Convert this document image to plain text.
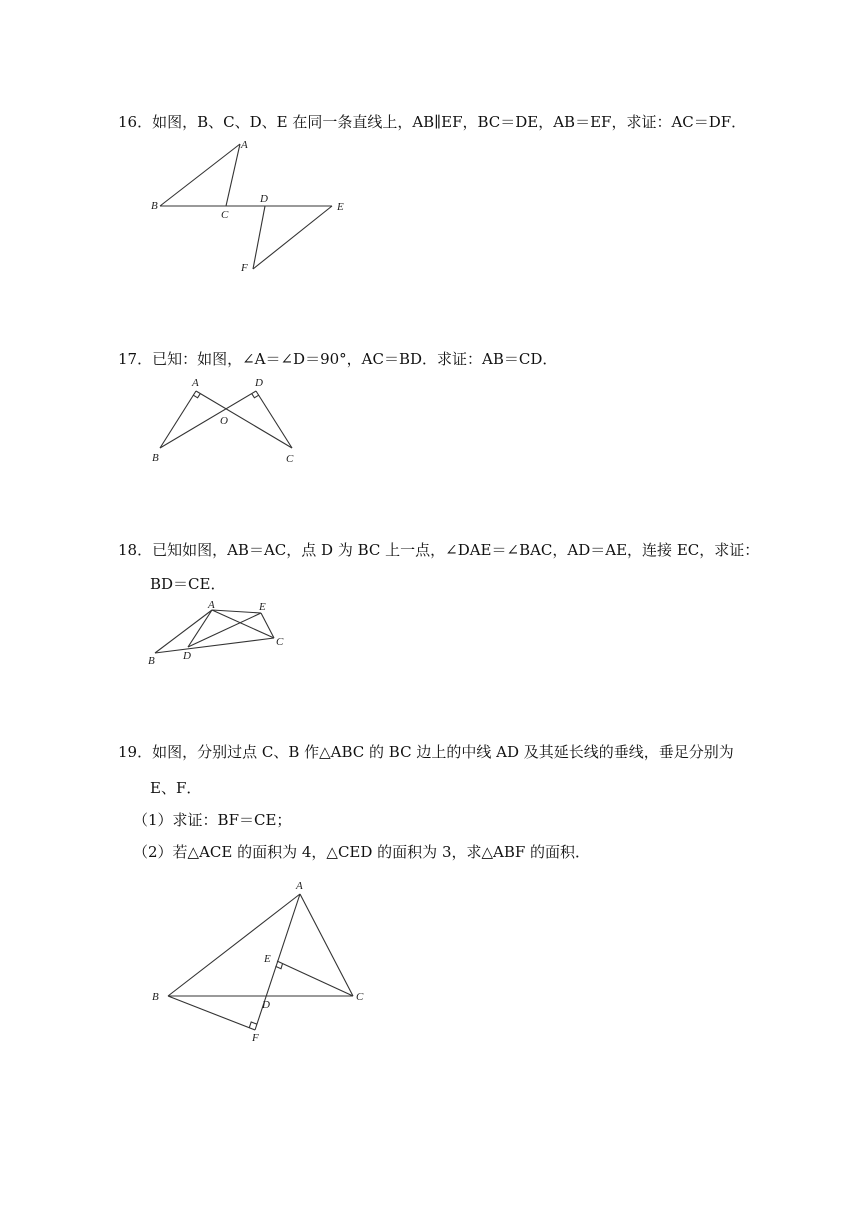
16．如图，B、C、D、E 在同一条直线上，AB∥EF，BC＝DE，AB＝EF，求证：AC＝DF．
A
B
C
D
E
F
17．已知：如图，∠A＝∠D＝90°，AC＝BD．求证：AB＝CD．
A	D
O
B	C
18．已知如图，AB＝AC，点 D 为 BC 上一点，∠DAE＝∠BAC，AD＝AE，连接 EC，求证：
BD＝CE．
A	E
C
B	D
19．如图，分别过点 C、B 作△ABC 的 BC 边上的中线 AD 及其延长线的垂线，垂足分别为
E、F．
（1）求证：BF＝CE；
（2）若△ACE 的面积为 4，△CED 的面积为 3，求△ABF 的面积．
A
E
B
D
C
F
